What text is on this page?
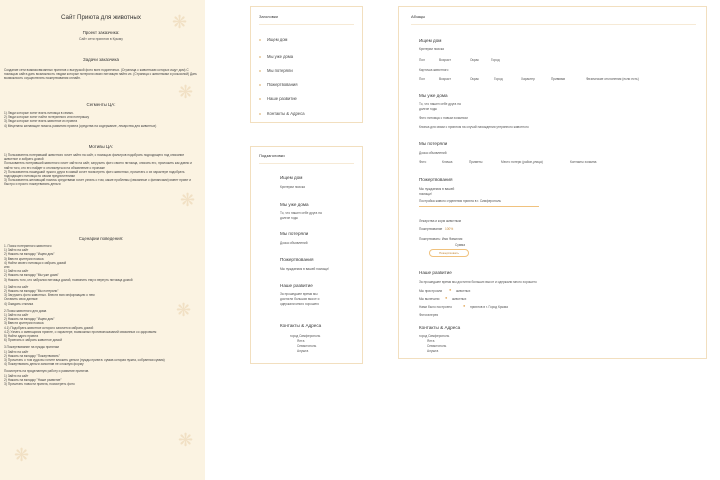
❋
❋
❋
❋
❋
❋
Сайт Приюта для животных
Проект заказчика:
Сайт сети приютов в Крыму
Задачи заказчика
Создание сети взаимосвязанных приютов с выгрузкой фото всех подопечных. (Страница с животными которых ищут дом) С помощью сайта дать возможность людям которые потеряли своих питомцев найти их. (Страница с животными и розыскной) Дать возможность осуществлять пожертвования онлайн.
Сегменты ЦА:
1) Люди которые хотят взять питомца в семью.
2) Люди которые хотят найти потерянного или потеряшку
3) Люди которые хотят взять животное из приюта
4) Меценаты желающие помочь развитию приюта (средства на содержание, лекарства для животных)
Мотивы ЦА:
1) Пользователь потерявший животного хочет зайти на сайт, с помощью фильтров подобрать подходящего под описание животное и забрать домой
Пользователь потерявший животного хочет зайти на сайт, загрузить фото своего питомца, описать его, приложить как давно и найти того, кто его найдет и откликнуться на объявление о пропаже
2) Пользователь нашедший чужого друга в самый сочет посмотреть фото животных, прочитать о их характере подобрать подходящего питомца по своим предпочтениям
3) Пользователь желающий помочь средствами хочет узнать о том, какие проблемы (связанные с финансами) имеет приют и быстро и просто пожертвовать деньги
Сценарии поведения:
1. Поиск потерянного животного
1) Зайти на сайт
2) Нажать на вкладку "Ищем дом"
3) Ввести критерии поиска
4) Найти своего питомца и забрать домой
или
1) Зайти на сайт
2) Нажать на вкладку "Мы уже дома"
3) Нажать того, кто забрался питомца домой, позвонить ему и вернуть питомца домой
1) Зайти на сайт
2) Нажать на вкладку "Мы потеряли"
3) Загрузить фото животных. Внести всю информацию о нем
Оставить свои данные
4) Ожидать отклика
2.Поиск животного для дома
1) Зайти на сайт
2) Нажать на вкладку "Ищем дом"
3) Ввести критерии поиска
4.1) Подобрать животное которого захочется забрать домой
4.2) Узнать о имеющихся приюте, о характере, возможных противопоказаний связанных со здоровьем
5) Найти адрес приюта
6) Приехать и забрать животное домой
3.Пожертвование на нужды приютам
1) Зайти на сайт
2) Нажать на вкладку "Пожертвовать"
3) Прочитать о том куда вы хотите вложить деньги (нужды приюта: сумма которая нужна, собранная сумма)
4) Пожертвовать деньги заполнив не сложную форму
Посмотреть на проделанную работу и развитие приютов.
1) Зайти на сайт
2) Нажать на вкладку "Наше развитие"
3) Прочитать новости приюта, посмотреть фото
Заголовки
Ищем дом
Мы уже дома
Мы потеряли
Пожертвования
Наше развитие
Контакты & Адреса
Подзаголовки
Ищем дом
Критерии поиска
Мы уже дома
То, что нашел себе друга на
долгие годы
Мы потеряли
Доска объявлений
Пожертвования
Мы нуждаемся в вашей помощи!
Наше развитие
За прошедшее время мы
достигли больших высот и
одержали много хорошего
Контакты & Адреса
город Симферополь
Ялта
Севастополь
Алушта
Абзацы
Ищем дом
Критерии поиска
Пол	Возраст	Окрас	Город
Карточка животного
Пол	Возраст	Окрас	Город	Характер	Прививки	Физические отклонения (если есть)
Мы уже дома
То, что нашел себе друга на
долгие годы
Фото питомца с новым хозяином
Кнопка для связи с приютом на случай нахождения утерянного животного
Мы потеряли
Доска объявлений
Фото	Кличка	Приметы	Место потери (район,улица)	Контакты хозяина
Пожертвования
Мы нуждаемся в вашей
помощи!
Постройка живого отделения приюта в г. Симферополь
Лекарства и корм животным
Пожертвование 100%
Пожертвовать: Имя Фамилия
Сумма
Пожертвовать
Наше развитие
За прошедшее время мы достигли больших высот и одержали много хорошего
Мы пристроили ● животных
Мы вылечили ● животных
Нами было построено	● приютов в г. Город Крыма
Фотогалерея
Контакты & Адреса
город Симферополь
Ялта
Севастополь
Алушта
